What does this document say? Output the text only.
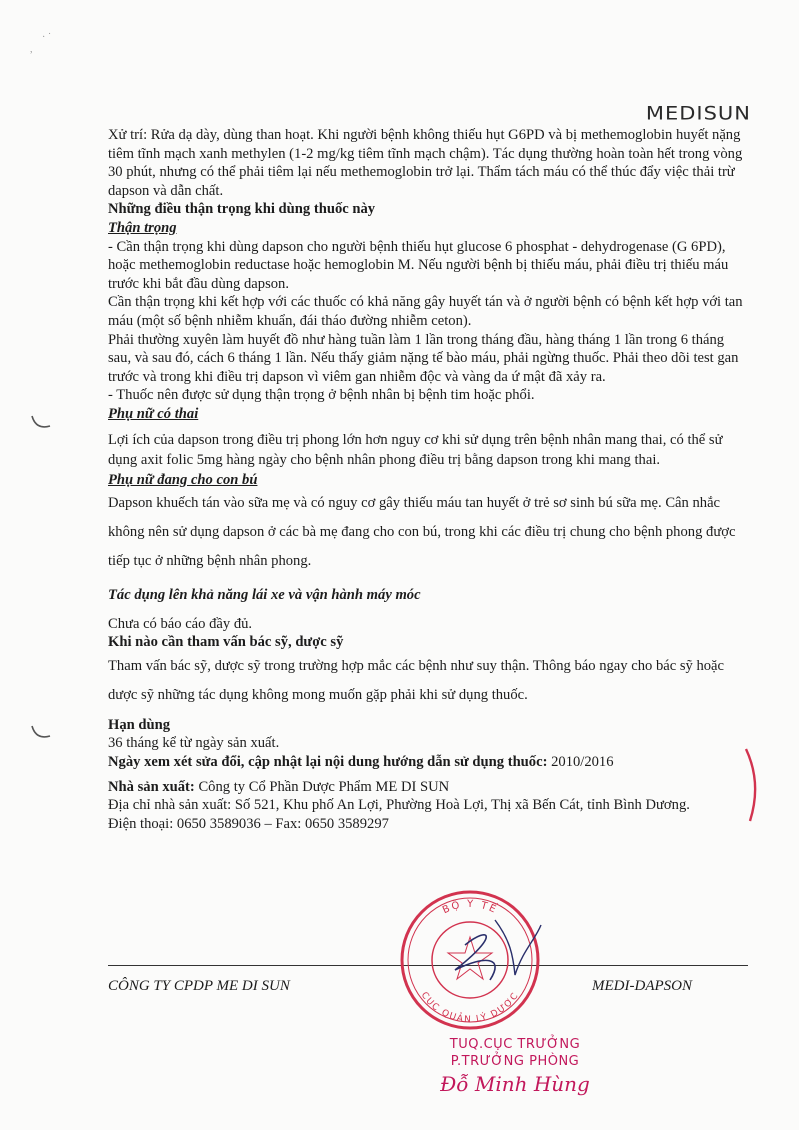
· ˙
,
MEDISUN

Xử trí: Rửa dạ dày, dùng than hoạt. Khi người bệnh không thiếu hụt G6PD và bị methemoglobin huyết nặng tiêm tĩnh mạch xanh methylen (1-2 mg/kg tiêm tĩnh mạch chậm). Tác dụng thường hoàn toàn hết trong vòng 30 phút, nhưng có thể phải tiêm lại nếu methemoglobin trở lại. Thẩm tách máu có thể thúc đẩy việc thải trừ dapson và dẫn chất.

Những điều thận trọng khi dùng thuốc này

Thận trọng

- Cần thận trọng khi dùng dapson cho người bệnh thiếu hụt glucose 6 phosphat - dehydrogenase (G 6PD), hoặc methemoglobin reductase hoặc hemoglobin M. Nếu người bệnh bị thiếu máu, phải điều trị thiếu máu trước khi bắt đầu dùng dapson.

Cần thận trọng khi kết hợp với các thuốc có khả năng gây huyết tán và ở người bệnh có bệnh kết hợp với tan máu (một số bệnh nhiễm khuẩn, đái tháo đường nhiễm ceton).

Phải thường xuyên làm huyết đồ như hàng tuần làm 1 lần trong tháng đầu, hàng tháng 1 lần trong 6 tháng sau, và sau đó, cách 6 tháng 1 lần. Nếu thấy giảm nặng tế bào máu, phải ngừng thuốc. Phải theo dõi test gan trước và trong khi điều trị dapson vì viêm gan nhiễm độc và vàng da ứ mật đã xảy ra.

- Thuốc nên được sử dụng thận trọng ở bệnh nhân bị bệnh tim hoặc phổi.

Phụ nữ có thai

Lợi ích của dapson trong điều trị phong lớn hơn nguy cơ khi sử dụng trên bệnh nhân mang thai, có thể sử dụng axit folic 5mg hàng ngày cho bệnh nhân phong điều trị bằng dapson trong khi mang thai.

Phụ nữ đang cho con bú

Dapson khuếch tán vào sữa mẹ và có nguy cơ gây thiếu máu tan huyết ở trẻ sơ sinh bú sữa mẹ. Cân nhắc không nên sử dụng dapson ở các bà mẹ đang cho con bú, trong khi các điều trị chung cho bệnh phong được tiếp tục ở những bệnh nhân phong.

Tác dụng lên khả năng lái xe và vận hành máy móc

Chưa có báo cáo đầy đủ.

Khi nào cần tham vấn bác sỹ, dược sỹ

Tham vấn bác sỹ, dược sỹ trong trường hợp mắc các bệnh như suy thận. Thông báo ngay cho bác sỹ hoặc dược sỹ những tác dụng không mong muốn gặp phải khi sử dụng thuốc.

Hạn dùng

36 tháng kể từ ngày sản xuất.

Ngày xem xét sửa đổi, cập nhật lại nội dung hướng dẫn sử dụng thuốc: 2010/2016

Nhà sản xuất: Công ty Cổ Phần Dược Phẩm ME DI SUN

Địa chỉ nhà sản xuất: Số 521, Khu phố An Lợi, Phường Hoà Lợi, Thị xã Bến Cát, tỉnh Bình Dương.

Điện thoại: 0650 3589036 – Fax: 0650 3589297

CÔNG TY CPDP ME DI SUN	MEDI-DAPSON
BỘ Y TẾ
CỤC QUẢN LÝ DƯỢC
TUQ.CỤC TRƯỞNG
P.TRƯỞNG PHÒNG
Đỗ Minh Hùng
